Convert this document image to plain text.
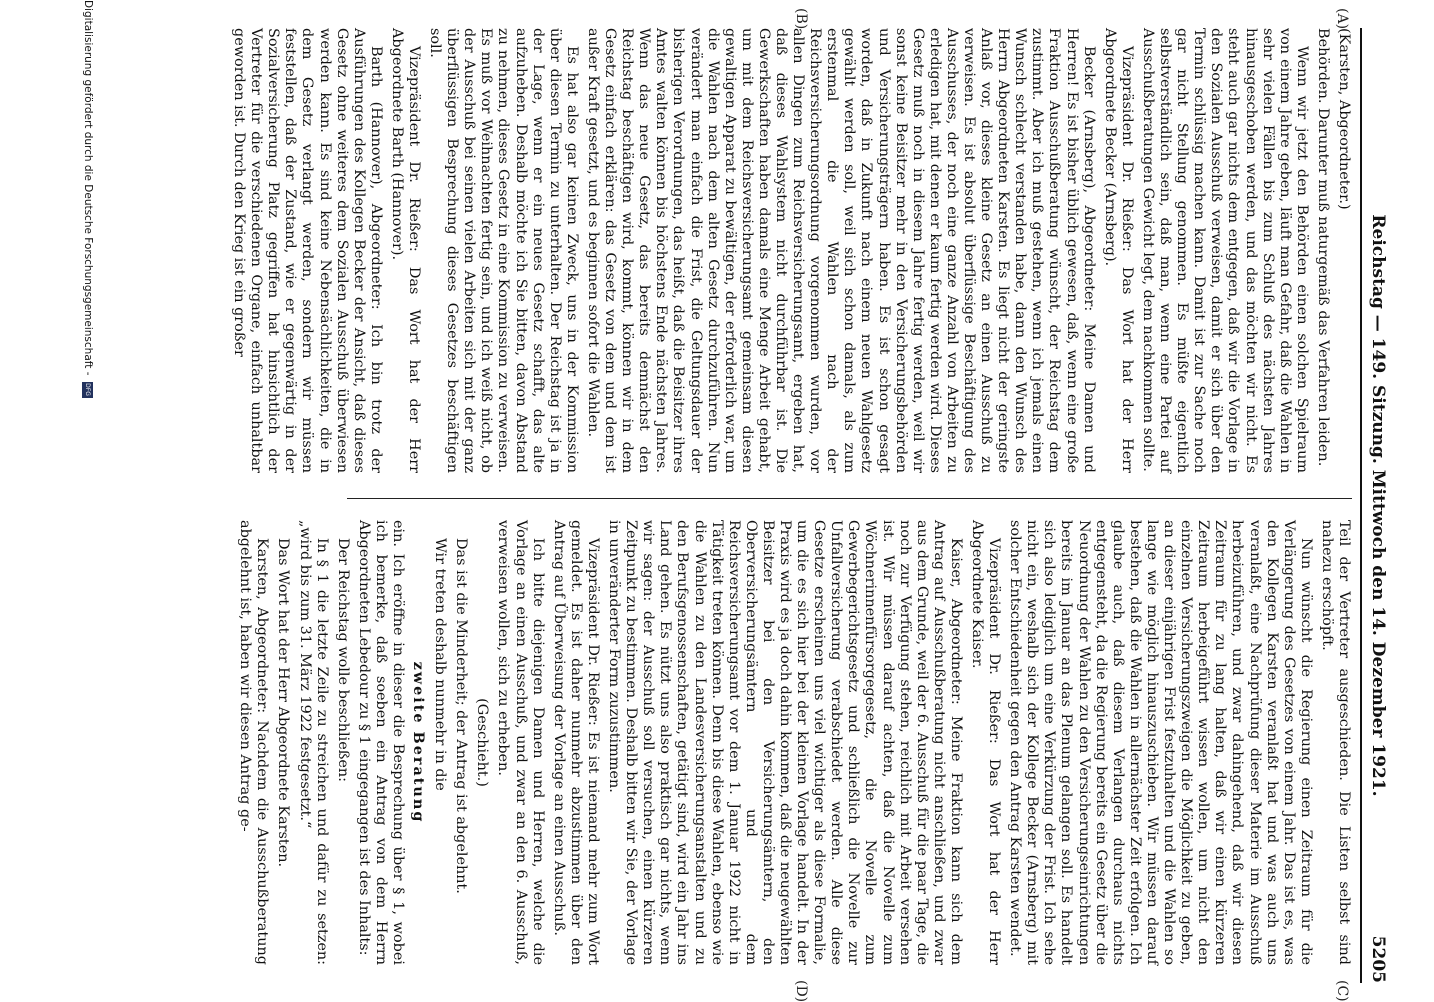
Reichstag — 149. Sitzung. Mittwoch den 14. Dezember 1921.
5205
(A)
(B)
(C)
(D)

(Karsten, Abgeordneter.)

Behörden. Darunter muß naturgemäß das Verfahren leiden.

Wenn wir jetzt den Behörden einen solchen Spielraum von einem Jahre geben, läuft man Gefahr, daß die Wahlen in sehr vielen Fällen bis zum Schluß des nächsten Jahres hinausgeschoben werden, und das möchten wir nicht. Es steht auch gar nichts dem entgegen, daß wir die Vorlage in den Sozialen Ausschuß verweisen, damit er sich über den Termin schlüssig machen kann. Damit ist zur Sache noch gar nicht Stellung genommen. Es müßte eigentlich selbstverständlich sein, daß man, wenn eine Partei auf Ausschußberatungen Gewicht legt, dem nachkommen sollte.

Vizepräsident Dr. Rießer: Das Wort hat der Herr Abgeordnete Becker (Arnsberg).

Becker (Arnsberg), Abgeordneter: Meine Damen und Herren! Es ist bisher üblich gewesen, daß, wenn eine große Fraktion Ausschußberatung wünscht, der Reichstag dem zustimmt. Aber ich muß gestehen, wenn ich jemals einen Wunsch schlecht verstanden habe, dann den Wunsch des Herrn Abgeordneten Karsten. Es liegt nicht der geringste Anlaß vor, dieses kleine Gesetz an einen Ausschuß zu verweisen. Es ist absolut überflüssige Beschäftigung des Ausschusses, der noch eine ganze Anzahl von Arbeiten zu erledigen hat, mit denen er kaum fertig werden wird. Dieses Gesetz muß noch in diesem Jahre fertig werden, weil wir sonst keine Beisitzer mehr in den Versicherungsbehörden und Versicherungsträgern haben. Es ist schon gesagt worden, daß in Zukunft nach einem neuen Wahlgesetz gewählt werden soll, weil sich schon damals, als zum erstenmal die Wahlen nach der Reichsversicherungsordnung vorgenommen wurden, vor allen Dingen zum Reichsversicherungsamt, ergeben hat, daß dieses Wahlsystem nicht durchführbar ist. Die Gewerkschaften haben damals eine Menge Arbeit gehabt, um mit dem Reichsversicherungsamt gemeinsam diesen gewaltigen Apparat zu bewältigen, der erforderlich war, um die Wahlen nach dem alten Gesetz durchzuführen. Nun verändert man einfach die Frist, die Geltungsdauer der bisherigen Verordnungen, das heißt, daß die Beisitzer ihres Amtes walten können bis höchstens Ende nächsten Jahres. Wenn das neue Gesetz, das bereits demnächst den Reichstag beschäftigen wird, kommt, können wir in dem Gesetz einfach erklären: das Gesetz von dem und dem ist außer Kraft gesetzt, und es beginnen sofort die Wahlen.

Es hat also gar keinen Zweck, uns in der Kommission über diesen Termin zu unterhalten. Der Reichstag ist ja in der Lage, wenn er ein neues Gesetz schafft, das alte aufzuheben. Deshalb möchte ich Sie bitten, davon Abstand zu nehmen, dieses Gesetz in eine Kommission zu verweisen. Es muß vor Weihnachten fertig sein, und ich weiß nicht, ob der Ausschuß bei seinen vielen Arbeiten sich mit der ganz überflüssigen Besprechung dieses Gesetzes beschäftigen soll.

Vizepräsident Dr. Rießer: Das Wort hat der Herr Abgeordnete Barth (Hannover).

Barth (Hannover), Abgeordneter: Ich bin trotz der Ausführungen des Kollegen Becker der Ansicht, daß dieses Gesetz ohne weiteres dem Sozialen Ausschuß überwiesen werden kann. Es sind keine Nebensächlichkeiten, die in dem Gesetz verlangt werden, sondern wir müssen feststellen, daß der Zustand, wie er gegenwärtig in der Sozialversicherung Platz gegriffen hat hinsichtlich der Vertreter für die verschiedenen Organe, einfach unhaltbar geworden ist. Durch den Krieg ist ein großer

Teil der Vertreter ausgeschieden. Die Listen selbst sind nahezu erschöpft.

Nun wünscht die Regierung einen Zeitraum für die Verlängerung des Gesetzes von einem Jahr. Das ist es, was den Kollegen Karsten veranlaßt hat und was auch uns veranlaßt, eine Nachprüfung dieser Materie im Ausschuß herbeizuführen, und zwar dahingehend, daß wir diesen Zeitraum für zu lang halten, daß wir einen kürzeren Zeitraum herbeigeführt wissen wollen, um nicht den einzelnen Versicherungszweigen die Möglichkeit zu geben, an dieser einjährigen Frist festzuhalten und die Wahlen so lange wie möglich hinauszuschieben. Wir müssen darauf bestehen, daß die Wahlen in allernächster Zeit erfolgen. Ich glaube auch, daß diesem Verlangen durchaus nichts entgegensteht, da die Regierung bereits ein Gesetz über die Neuordnung der Wahlen zu den Versicherungseinrichtungen bereits im Januar an das Plenum gelangen soll. Es handelt sich also lediglich um eine Verkürzung der Frist. Ich sehe nicht ein, weshalb sich der Kollege Becker (Arnsberg) mit solcher Entschiedenheit gegen den Antrag Karsten wendet.

Vizepräsident Dr. Rießer: Das Wort hat der Herr Abgeordnete Kaiser.

Kaiser, Abgeordneter: Meine Fraktion kann sich dem Antrag auf Ausschußberatung nicht anschließen, und zwar aus dem Grunde, weil der 6. Ausschuß für die paar Tage, die noch zur Verfügung stehen, reichlich mit Arbeit versehen ist. Wir müssen darauf achten, daß die Novelle zum Wöchnerinnenfürsorgegesetz, die Novelle zum Gewerbegerichtsgesetz und schließlich die Novelle zur Unfallversicherung verabschiedet werden. Alle diese Gesetze erscheinen uns viel wichtiger als diese Formalie, um die es sich hier bei der kleinen Vorlage handelt. In der Praxis wird es ja doch dahin kommen, daß die neugewählten Beisitzer bei den Versicherungsämtern, den Oberversicherungsämtern und dem Reichsversicherungsamt vor dem 1. Januar 1922 nicht in Tätigkeit treten können. Denn bis diese Wahlen, ebenso wie die Wahlen zu den Landesversicherungsanstalten und zu den Berufsgenossenschaften, getätigt sind, wird ein Jahr ins Land gehen. Es nützt uns also praktisch gar nichts, wenn wir sagen: der Ausschuß soll versuchen, einen kürzeren Zeitpunkt zu bestimmen. Deshalb bitten wir Sie, der Vorlage in unveränderter Form zuzustimmen.

Vizepräsident Dr. Rießer: Es ist niemand mehr zum Wort gemeldet. Es ist daher nunmehr abzustimmen über den Antrag auf Überweisung der Vorlage an einen Ausschuß.

Ich bitte diejenigen Damen und Herren, welche die Vorlage an einen Ausschuß, und zwar an den 6. Ausschuß, verweisen wollen, sich zu erheben.

(Geschieht.)

Das ist die Minderheit; der Antrag ist abgelehnt.

Wir treten deshalb nunmehr in die

zweite Beratung

ein. Ich eröffne in dieser die Besprechung über § 1, wobei ich bemerke, daß soeben ein Antrag von dem Herrn Abgeordneten Lebedour zu § 1 eingegangen ist des Inhalts:

Der Reichstag wolle beschließen:

In § 1 die letzte Zeile zu streichen und dafür zu setzen: „wird bis zum 31. März 1922 festgesetzt.“

Das Wort hat der Herr Abgeordnete Karsten.

Karsten, Abgeordneter: Nachdem die Ausschußberatung abgelehnt ist, haben wir diesen Antrag ge-

Digitalisierung gefördert durch die Deutsche Forschungsgemeinschaft -
DFG
